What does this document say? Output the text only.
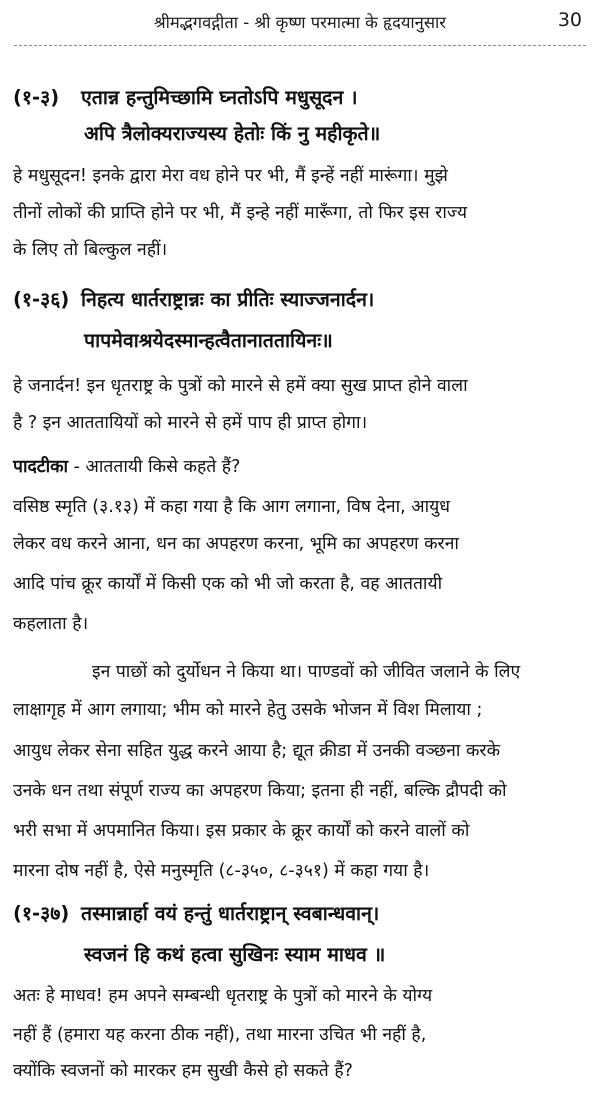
श्रीमद्भगवद्गीता - श्री कृष्ण परमात्मा के हृदयानुसार	30
(१-३) एतान्न हन्तुमिच्छामि घ्नतोऽपि मधुसूदन ।
अपि त्रैलोक्यराज्यस्य हेतोः किं नु महीकृते॥
हे मधुसूदन! इनके द्वारा मेरा वध होने पर भी, मैं इन्हें नहीं मारूंगा। मुझे
तीनों लोकों की प्राप्ति होने पर भी, मैं इन्हे नहीं मारूँगा, तो फिर इस राज्य
के लिए तो बिल्कुल नहीं।
(१-३६) निहत्य धार्तराष्ट्रान्नः का प्रीतिः स्याज्जनार्दन।
पापमेवाश्रयेदस्मान्हत्वैतानाततायिनः॥
हे जनार्दन! इन धृतराष्ट्र के पुत्रों को मारने से हमें क्या सुख प्राप्त होने वाला
है ? इन आततायियों को मारने से हमें पाप ही प्राप्त होगा।
पादटीका - आततायी किसे कहते हैं?
वसिष्ठ स्मृति (३.१३) में कहा गया है कि आग लगाना, विष देना, आयुध
लेकर वध करने आना, धन का अपहरण करना, भूमि का अपहरण करना
आदि पांच क्रूर कार्यों में किसी एक को भी जो करता है, वह आततायी
कहलाता है।
इन पाछों को दुर्योधन ने किया था। पाण्डवों को जीवित जलाने के लिए
लाक्षागृह में आग लगाया; भीम को मारने हेतु उसके भोजन में विश मिलाया ;
आयुध लेकर सेना सहित युद्ध करने आया है; द्यूत क्रीडा में उनकी वञ्छना करके
उनके धन तथा संपूर्ण राज्य का अपहरण किया; इतना ही नहीं, बल्कि द्रौपदी को
भरी सभा में अपमानित किया। इस प्रकार के क्रूर कार्यों को करने वालों को
मारना दोष नहीं है, ऐसे मनुस्मृति (८-३५०, ८-३५१) में कहा गया है।
(१-३७) तस्मान्नार्हा वयं हन्तुं धार्तराष्ट्रान् स्वबान्धवान्।
स्वजनं हि कथं हत्वा सुखिनः स्याम माधव ॥
अतः हे माधव! हम अपने सम्बन्धी धृतराष्ट्र के पुत्रों को मारने के योग्य
नहीं हैं (हमारा यह करना ठीक नहीं), तथा मारना उचित भी नहीं है,
क्योंकि स्वजनों को मारकर हम सुखी कैसे हो सकते हैं?
